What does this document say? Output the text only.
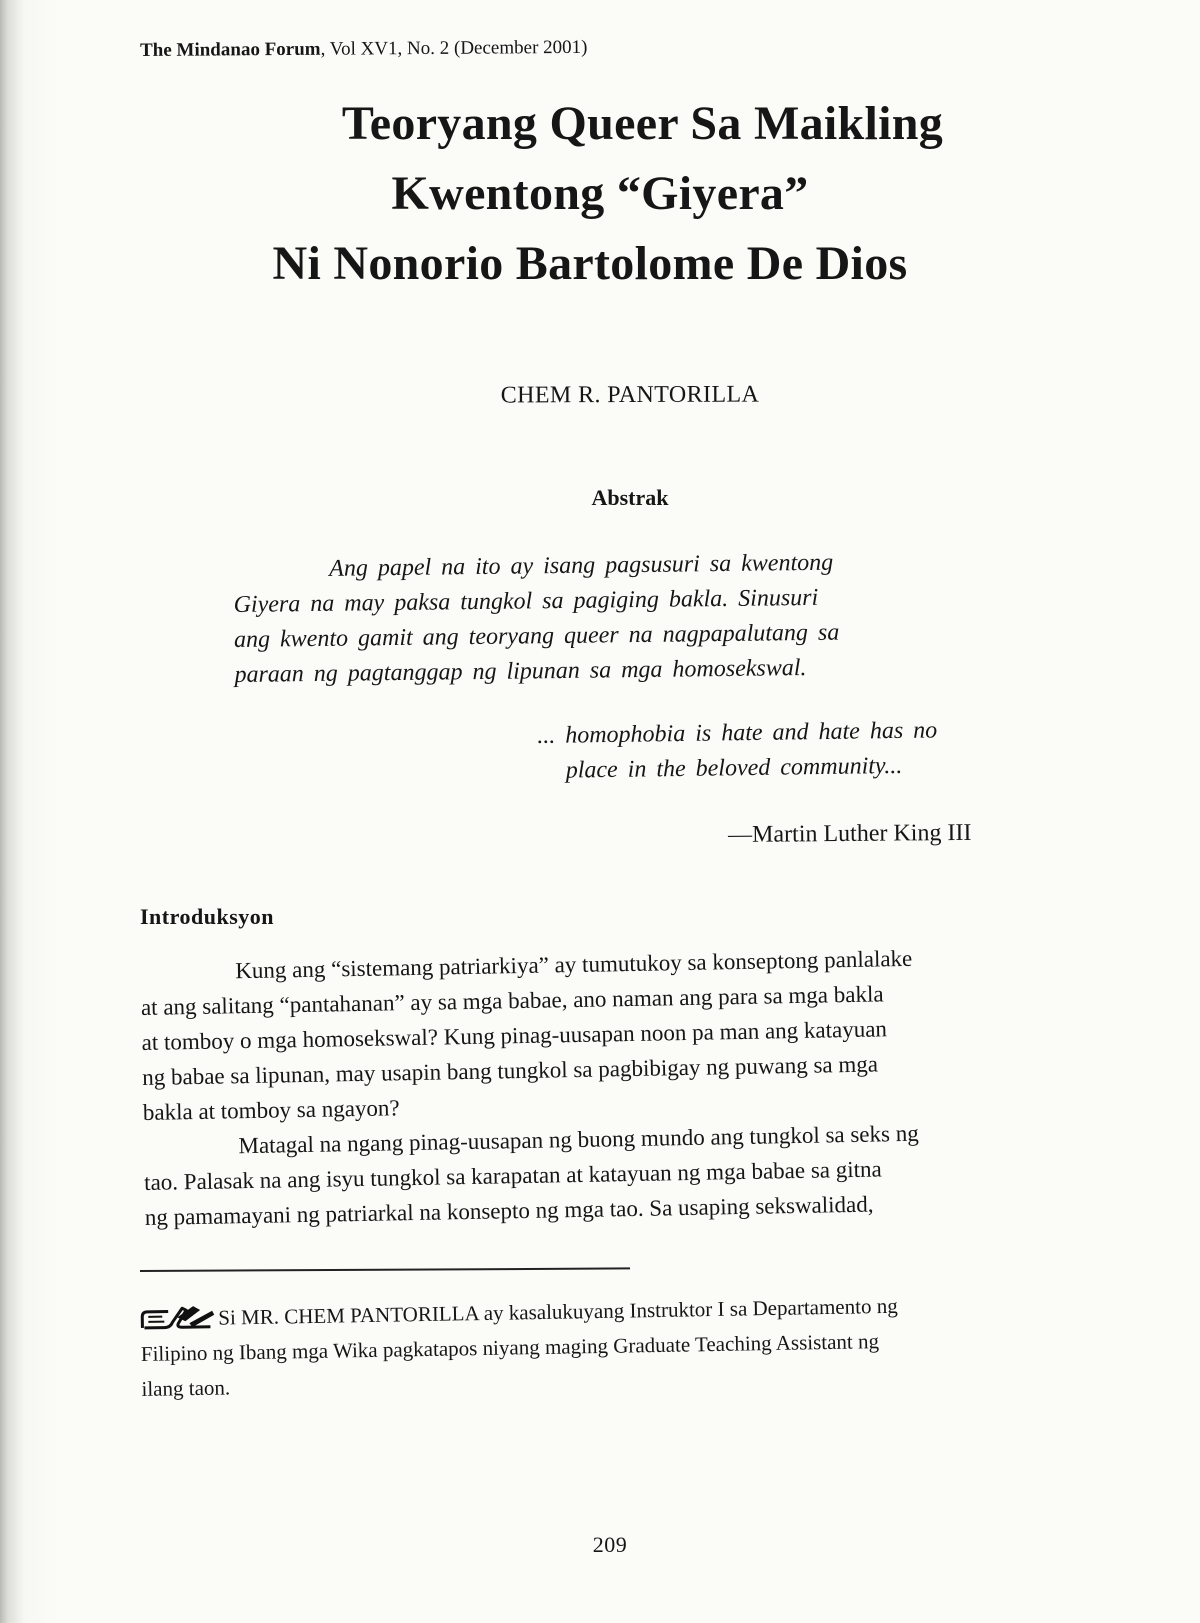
The Mindanao Forum, Vol XV1, No. 2 (December 2001)
Teoryang Queer Sa Maikling
Kwentong “Giyera”
Ni Nonorio Bartolome De Dios
CHEM R. PANTORILLA
Abstrak
Ang papel na ito ay isang pagsusuri sa kwentong
Giyera na may paksa tungkol sa pagiging bakla. Sinusuri
ang kwento gamit ang teoryang queer na nagpapalutang sa
paraan ng pagtanggap ng lipunan sa mga homosekswal.
... homophobia is hate and hate has no
place in the beloved community...
—Martin Luther King III
Introduksyon
Kung ang “sistemang patriarkiya” ay tumutukoy sa konseptong panlalake
at ang salitang “pantahanan” ay sa mga babae, ano naman ang para sa mga bakla
at tomboy o mga homosekswal? Kung pinag-uusapan noon pa man ang katayuan
ng babae sa lipunan, may usapin bang tungkol sa pagbibigay ng puwang sa mga
bakla at tomboy sa ngayon?
Matagal na ngang pinag-uusapan ng buong mundo ang tungkol sa seks ng
tao. Palasak na ang isyu tungkol sa karapatan at katayuan ng mga babae sa gitna
ng pamamayani ng patriarkal na konsepto ng mga tao. Sa usaping sekswalidad,
Si MR. CHEM PANTORILLA ay kasalukuyang Instruktor I sa Departamento ng
Filipino ng Ibang mga Wika pagkatapos niyang maging Graduate Teaching Assistant ng
ilang taon.
209
